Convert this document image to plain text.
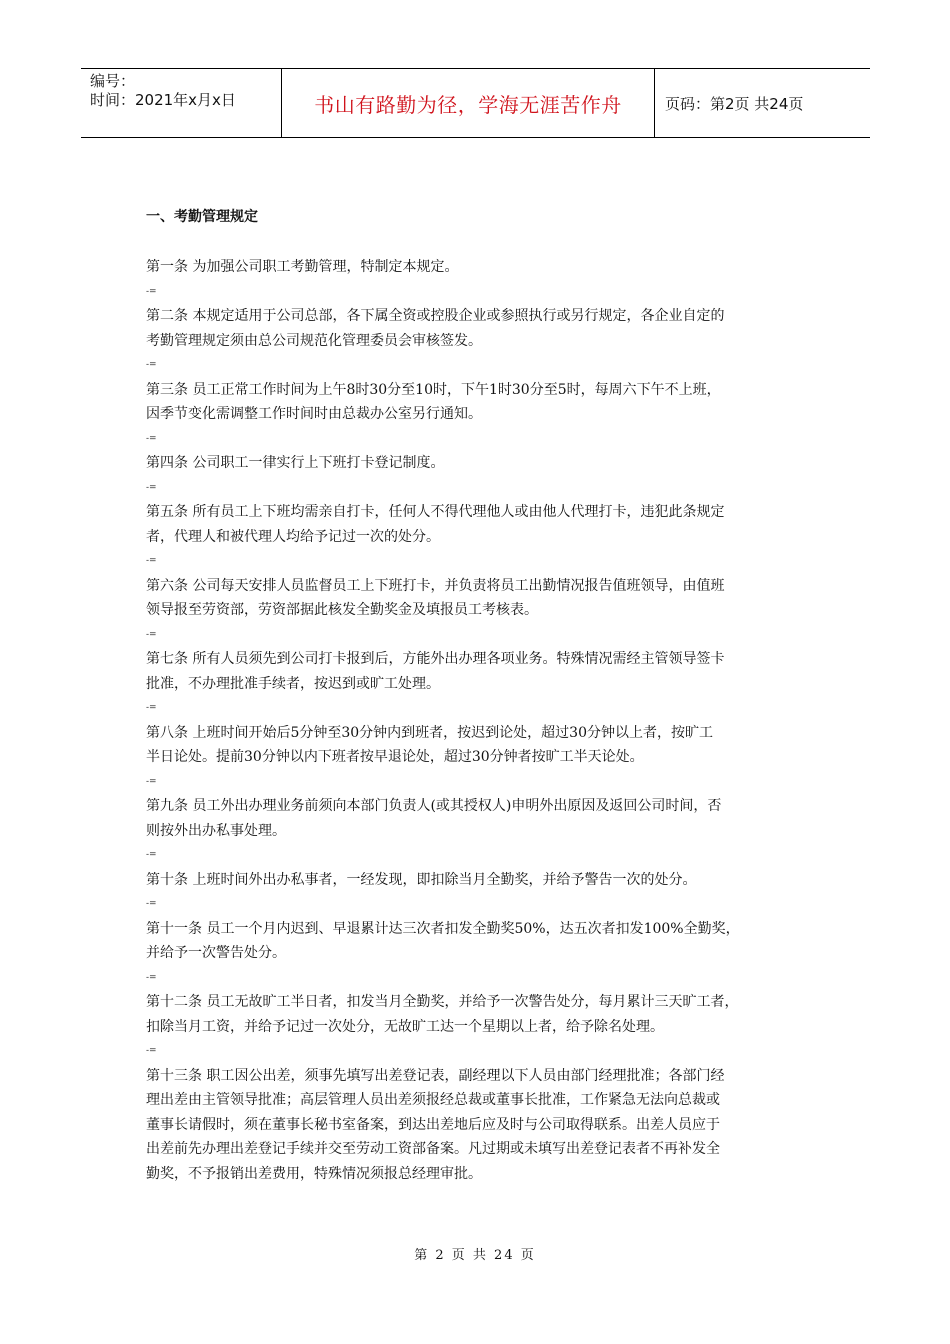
编号：
时间：2021年x月x日	书山有路勤为径，学海无涯苦作舟	页码：第2页 共24页
一、考勤管理规定
第一条 为加强公司职工考勤管理，特制定本规定。
-=
第二条 本规定适用于公司总部，各下属全资或控股企业或参照执行或另行规定，各企业自定的
考勤管理规定须由总公司规范化管理委员会审核签发。
-=
第三条 员工正常工作时间为上午8时30分至10时，下午1时30分至5时，每周六下午不上班，
因季节变化需调整工作时间时由总裁办公室另行通知。
-=
第四条 公司职工一律实行上下班打卡登记制度。
-=
第五条 所有员工上下班均需亲自打卡，任何人不得代理他人或由他人代理打卡，违犯此条规定
者，代理人和被代理人均给予记过一次的处分。
-=
第六条 公司每天安排人员监督员工上下班打卡，并负责将员工出勤情况报告值班领导，由值班
领导报至劳资部，劳资部据此核发全勤奖金及填报员工考核表。
-=
第七条 所有人员须先到公司打卡报到后，方能外出办理各项业务。特殊情况需经主管领导签卡
批准，不办理批准手续者，按迟到或旷工处理。
-=
第八条 上班时间开始后5分钟至30分钟内到班者，按迟到论处，超过30分钟以上者，按旷工
半日论处。提前30分钟以内下班者按早退论处，超过30分钟者按旷工半天论处。
-=
第九条 员工外出办理业务前须向本部门负责人(或其授权人)申明外出原因及返回公司时间，否
则按外出办私事处理。
-=
第十条 上班时间外出办私事者，一经发现，即扣除当月全勤奖，并给予警告一次的处分。
-=
第十一条 员工一个月内迟到、早退累计达三次者扣发全勤奖50%，达五次者扣发100%全勤奖，
并给予一次警告处分。
-=
第十二条 员工无故旷工半日者，扣发当月全勤奖，并给予一次警告处分，每月累计三天旷工者，
扣除当月工资，并给予记过一次处分，无故旷工达一个星期以上者，给予除名处理。
-=
第十三条 职工因公出差，须事先填写出差登记表，副经理以下人员由部门经理批准；各部门经
理出差由主管领导批准；高层管理人员出差须报经总裁或董事长批准，工作紧急无法向总裁或
董事长请假时，须在董事长秘书室备案，到达出差地后应及时与公司取得联系。出差人员应于
出差前先办理出差登记手续并交至劳动工资部备案。凡过期或未填写出差登记表者不再补发全
勤奖，不予报销出差费用，特殊情况须报总经理审批。
第 2 页 共 24 页
